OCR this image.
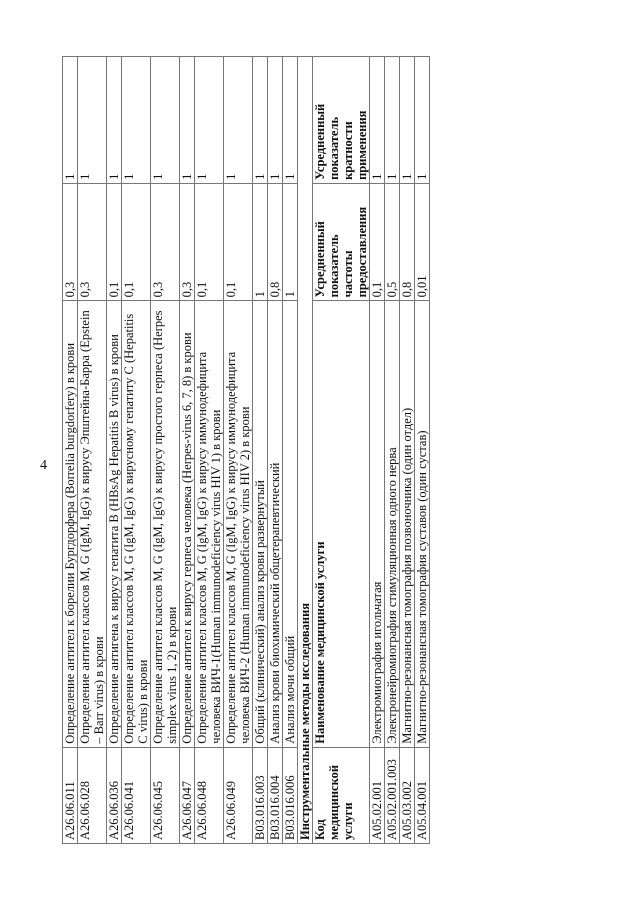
4
A26.06.011	Определение антител к борелии Бургдорфера (Borrelia burgdorfery) в крови	0,3	1
A26.06.028	Определение антител классов M, G (IgM, IgG) к вирусу Эпштейна-Барра (Epstein – Barr virus) в крови	0,3	1
A26.06.036	Определение антигена к вирусу гепатита B (HBsAg Hepatitis B virus) в крови	0,1	1
A26.06.041	Определение антител классов M, G (IgM, IgG) к вирусному гепатиту C (Hepatitis C virus) в крови	0,1	1
A26.06.045	Определение антител классов M, G (IgM, IgG) к вирусу простого герпеса (Herpes simplex virus 1, 2) в крови	0,3	1
A26.06.047	Определение антител к вирусу герпеса человека (Herpes-virus 6, 7, 8) в крови	0,3	1
A26.06.048	Определение антител классов M, G (IgM, IgG) к вирусу иммунодефицита человека ВИЧ-1(Human immunodeficiency virus HIV 1) в крови	0,1	1
A26.06.049	Определение антител классов M, G (IgM, IgG) к вирусу иммунодефицита человека ВИЧ-2 (Human immunodeficiency virus HIV 2) в крови	0,1	1
B03.016.003	Общий (клинический) анализ крови развернутый	1	1
B03.016.004	Анализ крови биохимический общетерапевтический	0,8	1
B03.016.006	Анализ мочи общий	1	1
Инструментальные методы исследования			
Код медицинской услуги	Наименование медицинской услуги	Усредненный показатель частоты предоставления	Усредненный показатель кратности применения
A05.02.001	Электромиография игольчатая	0,1	1
A05.02.001.003	Электронейромиография стимуляционная одного нерва	0,5	1
A05.03.002	Магнитно-резонансная томография позвоночника (один отдел)	0,8	1
A05.04.001	Магнитно-резонансная томография суставов (один сустав)	0,01	1
